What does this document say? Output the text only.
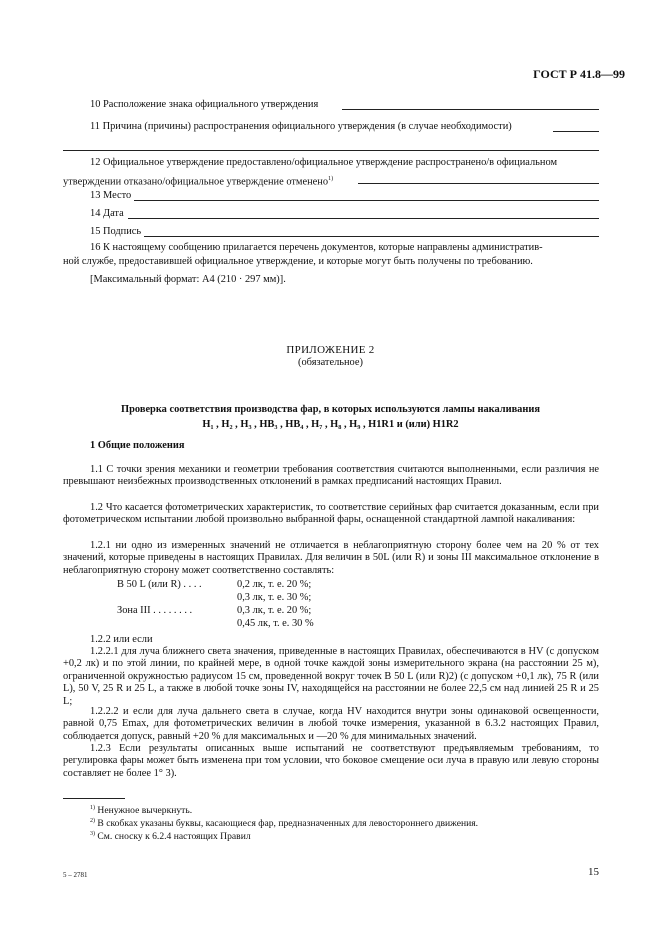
ГОСТ Р 41.8—99
10 Расположение знака официального утверждения
11 Причина (причины) распространения официального утверждения (в случае необходимости)
12 Официальное утверждение предоставлено/официальное утверждение распространено/в официальном
утверждении отказано/официальное утверждение отменено$^{1)}$
13 Место
14 Дата
15 Подпись
16 К настоящему сообщению прилагается перечень документов, которые направлены административ-
ной службе, предоставившей официальное утверждение, и которые могут быть получены по требованию.
[Максимальный формат: А4 (210 · 297 мм)].
ПРИЛОЖЕНИЕ 2
(обязательное)
Проверка соответствия производства фар, в которых используются лампы накаливания
H₁ , H₂ , H₃ , HB₃ , HB₄ , H₇ , H₈ , H₉ , H1R1 и (или) H1R2
1 Общие положения
1.1 С точки зрения механики и геометрии требования соответствия считаются выполненными, если различия не превышают неизбежных производственных отклонений в рамках предписаний настоящих Правил.
1.2 Что касается фотометрических характеристик, то соответствие серийных фар считается доказанным, если при фотометрическом испытании любой произвольно выбранной фары, оснащенной стандартной лампой накаливания:
1.2.1 ни одно из измеренных значений не отличается в неблагоприятную сторону более чем на 20 % от тех значений, которые приведены в настоящих Правилах. Для величин в 50L (или R) и зоны III максимальное отклонение в неблагоприятную сторону может соответственно составлять:
В 50 L (или R) . . . .	0,2 лк, т. е. 20 %;
0,3 лк, т. е. 30 %;
Зона III . . . . . . . .	0,3 лк, т. е. 20 %;
0,45 лк, т. е. 30 %
1.2.2 или если
1.2.2.1 для луча ближнего света значения, приведенные в настоящих Правилах, обеспечиваются в HV (с допуском +0,2 лк) и по этой линии, по крайней мере, в одной точке каждой зоны измерительного экрана (на расстоянии 25 м), ограниченной окружностью радиусом 15 см, проведенной вокруг точек B 50 L (или R)2) (с допуском +0,1 лк), 75 R (или L), 50 V, 25 R и 25 L, а также в любой точке зоны IV, находящейся на расстоянии не более 22,5 см над линией 25 R и 25 L;
1.2.2.2 и если для луча дальнего света в случае, когда HV находится внутри зоны одинаковой освещенности, равной 0,75 Emax, для фотометрических величин в любой точке измерения, указанной в 6.3.2 настоящих Правил, соблюдается допуск, равный +20 % для максимальных и —20 % для минимальных значений.
1.2.3 Если результаты описанных выше испытаний не соответствуют предъявляемым требованиям, то регулировка фары может быть изменена при том условии, что боковое смещение оси луча в правую или левую стороны составляет не более 1° 3).
$^{1)}$ Ненужное вычеркнуть.
$^{2)}$ В скобках указаны буквы, касающиеся фар, предназначенных для левостороннего движения.
$^{3)}$ См. сноску к 6.2.4 настоящих Правил
5 – 2781	15
